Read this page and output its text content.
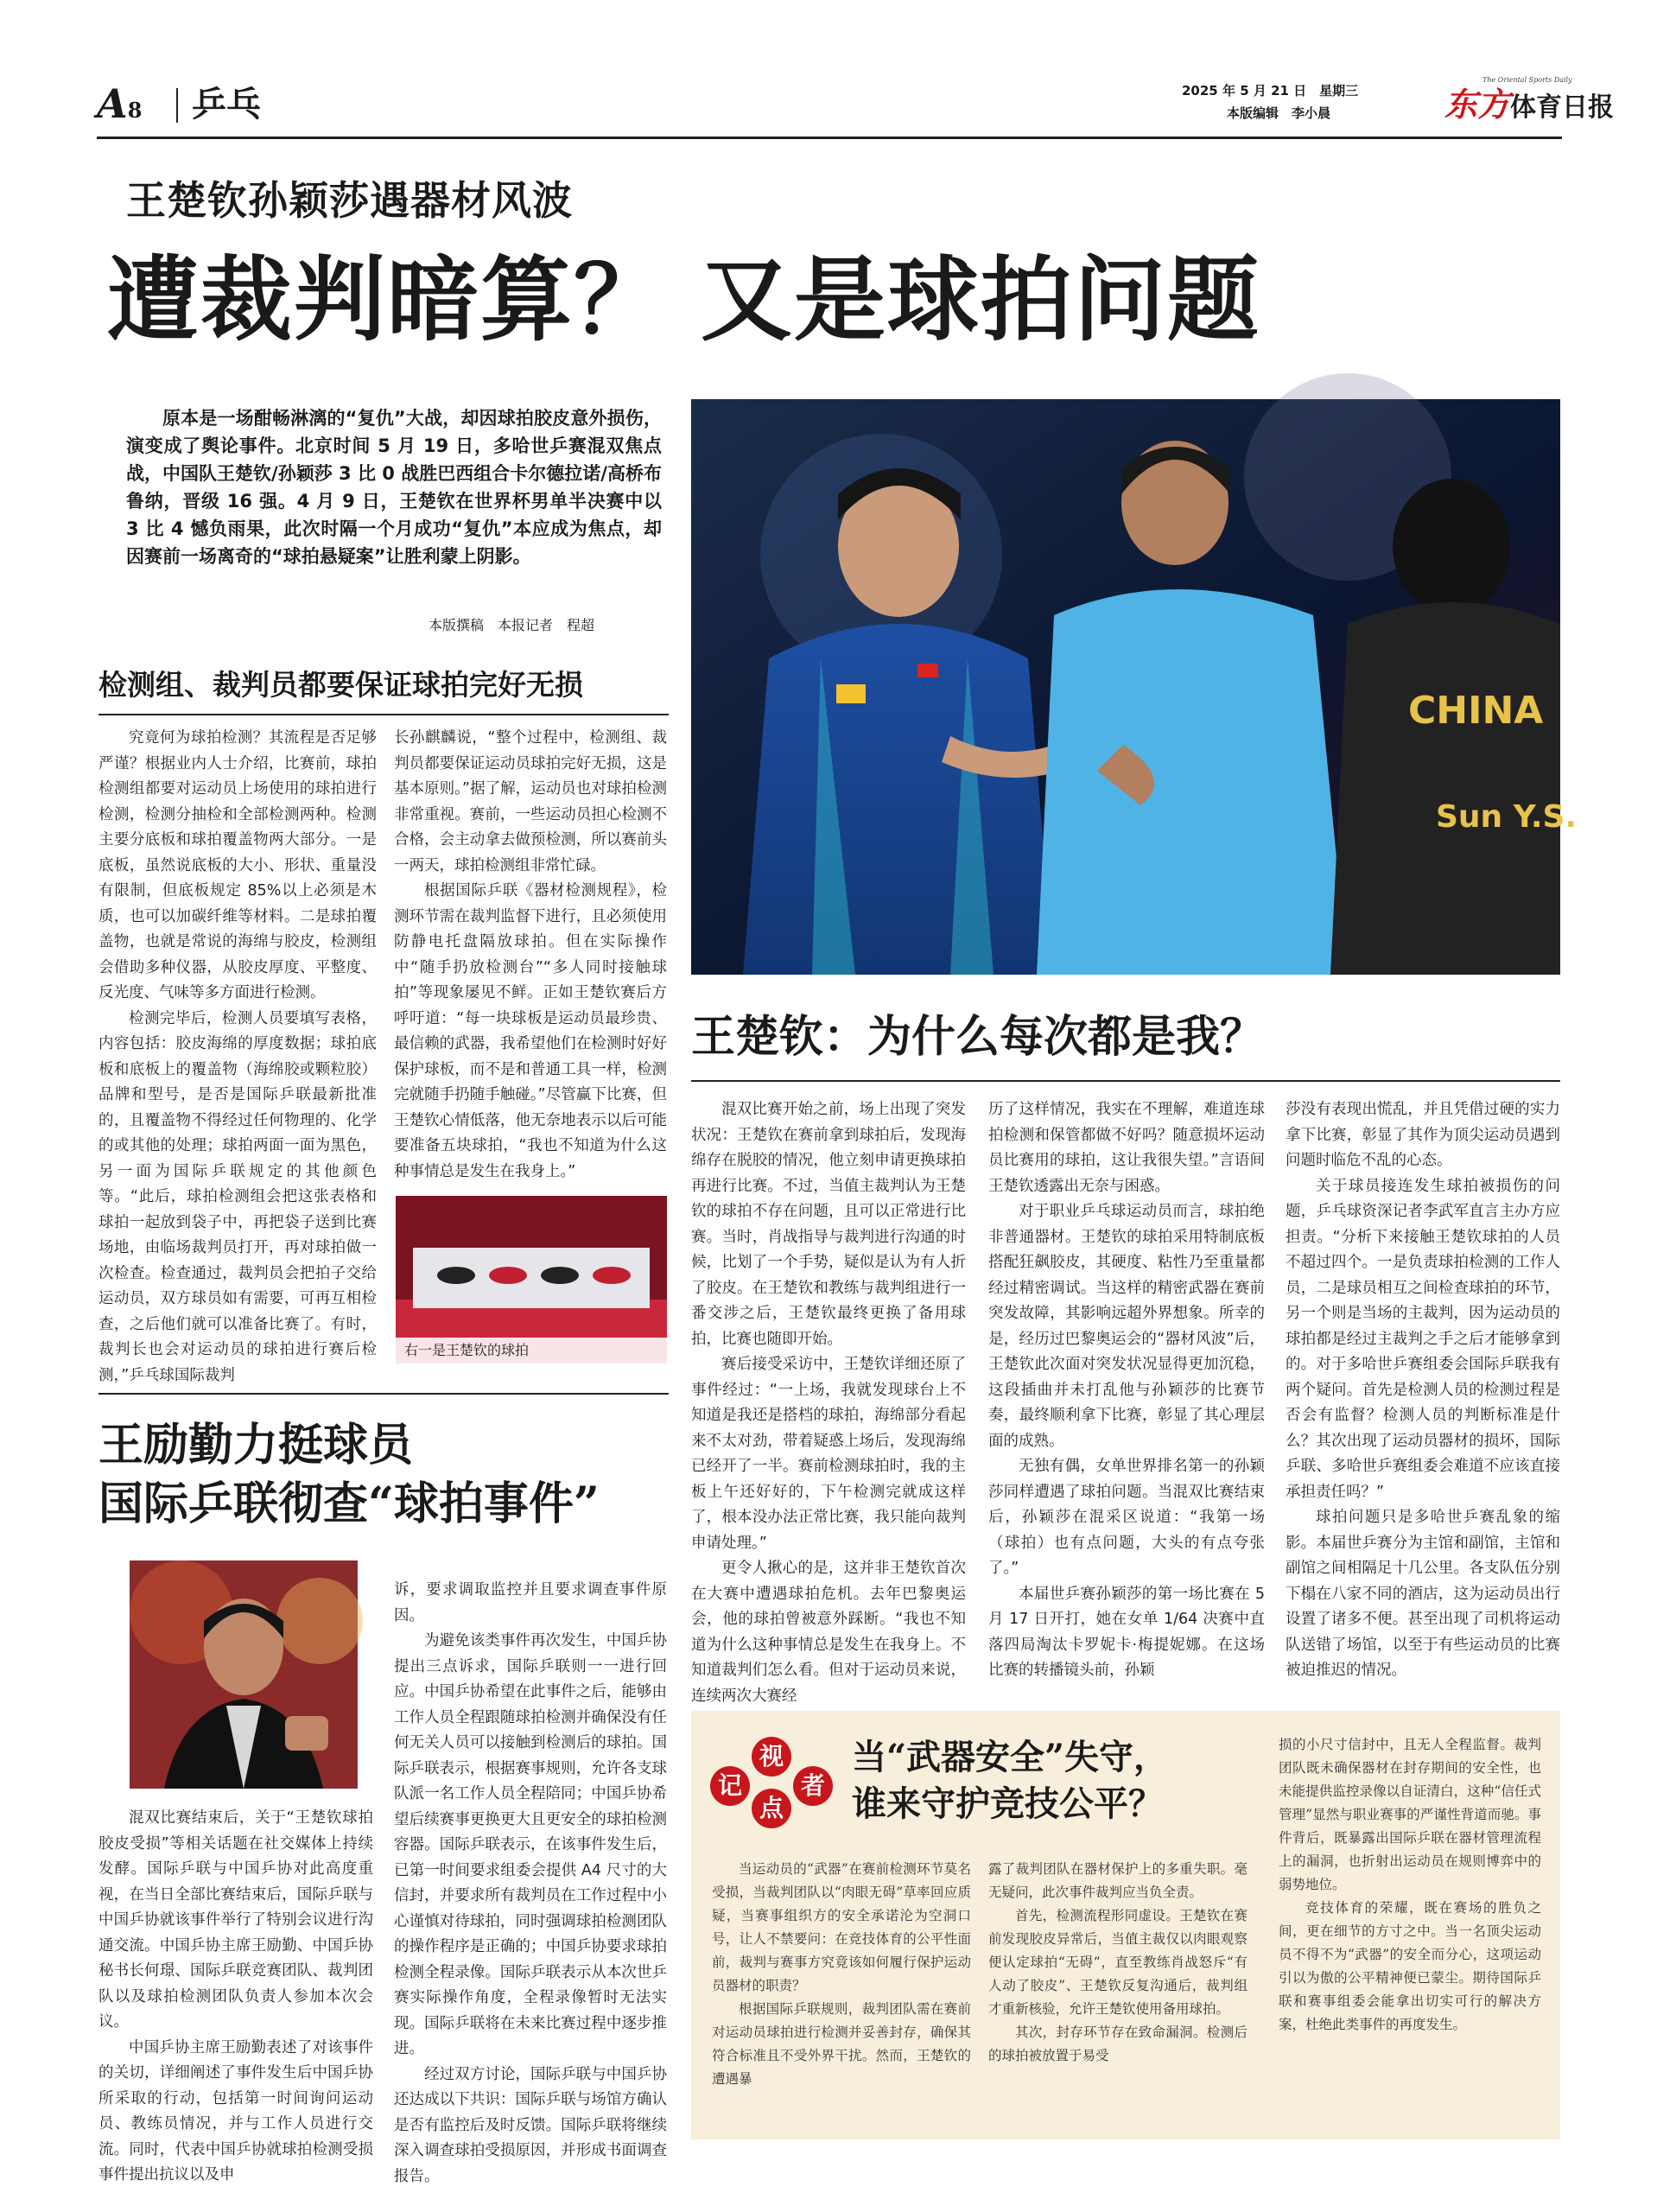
A8 乒乓	2025 年 5 月 21 日　星期三
本版编辑　李小晨
The Oriental Sports Daily
东方体育日报
王楚钦孙颖莎遇器材风波
遭裁判暗算？ 又是球拍问题
原本是一场酣畅淋漓的“复仇”大战，却因球拍胶皮意外损伤，演变成了舆论事件。北京时间 5 月 19 日，多哈世乒赛混双焦点战，中国队王楚钦/孙颖莎 3 比 0 战胜巴西组合卡尔德拉诺/高桥布鲁纳，晋级 16 强。4 月 9 日，王楚钦在世界杯男单半决赛中以 3 比 4 憾负雨果，此次时隔一个月成功“复仇”本应成为焦点，却因赛前一场离奇的“球拍悬疑案”让胜利蒙上阴影。
本版撰稿　本报记者　程超
CHINA
Sun Y.S.
检测组、裁判员都要保证球拍完好无损

究竟何为球拍检测？其流程是否足够严谨？根据业内人士介绍，比赛前，球拍检测组都要对运动员上场使用的球拍进行检测，检测分抽检和全部检测两种。检测主要分底板和球拍覆盖物两大部分。一是底板，虽然说底板的大小、形状、重量没有限制，但底板规定 85%以上必须是木质，也可以加碳纤维等材料。二是球拍覆盖物，也就是常说的海绵与胶皮，检测组会借助多种仪器，从胶皮厚度、平整度、反光度、气味等多方面进行检测。

检测完毕后，检测人员要填写表格，内容包括：胶皮海绵的厚度数据；球拍底板和底板上的覆盖物（海绵胶或颗粒胶）品牌和型号，是否是国际乒联最新批准的，且覆盖物不得经过任何物理的、化学的或其他的处理；球拍两面一面为黑色，另一面为国际乒联规定的其他颜色等。“此后，球拍检测组会把这张表格和球拍一起放到袋子中，再把袋子送到比赛场地，由临场裁判员打开，再对球拍做一次检查。检查通过，裁判员会把拍子交给运动员，双方球员如有需要，可再互相检查，之后他们就可以准备比赛了。有时，裁判长也会对运动员的球拍进行赛后检测，”乒乓球国际裁判

长孙麒麟说，“整个过程中，检测组、裁判员都要保证运动员球拍完好无损，这是基本原则。”据了解，运动员也对球拍检测非常重视。赛前，一些运动员担心检测不合格，会主动拿去做预检测，所以赛前头一两天，球拍检测组非常忙碌。

根据国际乒联《器材检测规程》，检测环节需在裁判监督下进行，且必须使用防静电托盘隔放球拍。但在实际操作中“随手扔放检测台”“多人同时接触球拍”等现象屡见不鲜。正如王楚钦赛后方呼吁道：“每一块球板是运动员最珍贵、最信赖的武器，我希望他们在检测时好好保护球板，而不是和普通工具一样，检测完就随手扔随手触碰。”尽管赢下比赛，但王楚钦心情低落，他无奈地表示以后可能要准备五块球拍，“我也不知道为什么这种事情总是发生在我身上。”

右一是王楚钦的球拍
王楚钦：为什么每次都是我？

混双比赛开始之前，场上出现了突发状况：王楚钦在赛前拿到球拍后，发现海绵存在脱胶的情况，他立刻申请更换球拍再进行比赛。不过，当值主裁判认为王楚钦的球拍不存在问题，且可以正常进行比赛。当时，肖战指导与裁判进行沟通的时候，比划了一个手势，疑似是认为有人折了胶皮。在王楚钦和教练与裁判组进行一番交涉之后，王楚钦最终更换了备用球拍，比赛也随即开始。

赛后接受采访中，王楚钦详细还原了事件经过：“一上场，我就发现球台上不知道是我还是搭档的球拍，海绵部分看起来不太对劲，带着疑惑上场后，发现海绵已经开了一半。赛前检测球拍时，我的主板上午还好好的，下午检测完就成这样了，根本没办法正常比赛，我只能向裁判申请处理。”

更令人揪心的是，这并非王楚钦首次在大赛中遭遇球拍危机。去年巴黎奥运会，他的球拍曾被意外踩断。“我也不知道为什么这种事情总是发生在我身上。不知道裁判们怎么看。但对于运动员来说，连续两次大赛经

历了这样情况，我实在不理解，难道连球拍检测和保管都做不好吗？随意损坏运动员比赛用的球拍，这让我很失望。”言语间王楚钦透露出无奈与困惑。

对于职业乒乓球运动员而言，球拍绝非普通器材。王楚钦的球拍采用特制底板搭配狂飙胶皮，其硬度、粘性乃至重量都经过精密调试。当这样的精密武器在赛前突发故障，其影响远超外界想象。所幸的是，经历过巴黎奥运会的“器材风波”后，王楚钦此次面对突发状况显得更加沉稳，这段插曲并未打乱他与孙颖莎的比赛节奏，最终顺利拿下比赛，彰显了其心理层面的成熟。

无独有偶，女单世界排名第一的孙颖莎同样遭遇了球拍问题。当混双比赛结束后，孙颖莎在混采区说道：“我第一场（球拍）也有点问题，大头的有点夸张了。”

本届世乒赛孙颖莎的第一场比赛在 5 月 17 日开打，她在女单 1/64 决赛中直落四局淘汰卡罗妮卡·梅提妮娜。在这场比赛的转播镜头前，孙颖

莎没有表现出慌乱，并且凭借过硬的实力拿下比赛，彰显了其作为顶尖运动员遇到问题时临危不乱的心态。

关于球员接连发生球拍被损伤的问题，乒乓球资深记者李武军直言主办方应担责。“分析下来接触王楚钦球拍的人员不超过四个。一是负责球拍检测的工作人员，二是球员相互之间检查球拍的环节，另一个则是当场的主裁判，因为运动员的球拍都是经过主裁判之手之后才能够拿到的。对于多哈世乒赛组委会国际乒联我有两个疑问。首先是检测人员的检测过程是否会有监督？检测人员的判断标准是什么？其次出现了运动员器材的损坏，国际乒联、多哈世乒赛组委会难道不应该直接承担责任吗？”

球拍问题只是多哈世乒赛乱象的缩影。本届世乒赛分为主馆和副馆，主馆和副馆之间相隔足十几公里。各支队伍分别下榻在八家不同的酒店，这为运动员出行设置了诸多不便。甚至出现了司机将运动队送错了场馆，以至于有些运动员的比赛被迫推迟的情况。

王励勤力挺球员
国际乒联彻查“球拍事件”

混双比赛结束后，关于“王楚钦球拍胶皮受损”等相关话题在社交媒体上持续发酵。国际乒联与中国乒协对此高度重视，在当日全部比赛结束后，国际乒联与中国乒协就该事件举行了特别会议进行沟通交流。中国乒协主席王励勤、中国乒协秘书长何璟、国际乒联竞赛团队、裁判团队以及球拍检测团队负责人参加本次会议。

中国乒协主席王励勤表述了对该事件的关切，详细阐述了事件发生后中国乒协所采取的行动，包括第一时间询问运动员、教练员情况，并与工作人员进行交流。同时，代表中国乒协就球拍检测受损事件提出抗议以及申

诉，要求调取监控并且要求调查事件原因。

为避免该类事件再次发生，中国乒协提出三点诉求，国际乒联则一一进行回应。中国乒协希望在此事件之后，能够由工作人员全程跟随球拍检测并确保没有任何无关人员可以接触到检测后的球拍。国际乒联表示，根据赛事规则，允许各支球队派一名工作人员全程陪同；中国乒协希望后续赛事更换更大且更安全的球拍检测容器。国际乒联表示，在该事件发生后，已第一时间要求组委会提供 A4 尺寸的大信封，并要求所有裁判员在工作过程中小心谨慎对待球拍，同时强调球拍检测团队的操作程序是正确的；中国乒协要求球拍检测全程录像。国际乒联表示从本次世乒赛实际操作角度，全程录像暂时无法实现。国际乒联将在未来比赛过程中逐步推进。

经过双方讨论，国际乒联与中国乒协还达成以下共识：国际乒联与场馆方确认是否有监控后及时反馈。国际乒联将继续深入调查球拍受损原因，并形成书面调查报告。

视
记	者
点
当“武器安全”失守，
谁来守护竞技公平？

当运动员的“武器”在赛前检测环节莫名受损，当裁判团队以“肉眼无碍”草率回应质疑，当赛事组织方的安全承诺沦为空洞口号，让人不禁要问：在竞技体育的公平性面前，裁判与赛事方究竟该如何履行保护运动员器材的职责？

根据国际乒联规则，裁判团队需在赛前对运动员球拍进行检测并妥善封存，确保其符合标准且不受外界干扰。然而，王楚钦的遭遇暴

露了裁判团队在器材保护上的多重失职。毫无疑问，此次事件裁判应当负全责。

首先，检测流程形同虚设。王楚钦在赛前发现胶皮异常后，当值主裁仅以肉眼观察便认定球拍“无碍”，直至教练肖战怒斥“有人动了胶皮”、王楚钦反复沟通后，裁判组才重新核验，允许王楚钦使用备用球拍。

其次，封存环节存在致命漏洞。检测后的球拍被放置于易受

损的小尺寸信封中，且无人全程监督。裁判团队既未确保器材在封存期间的安全性，也未能提供监控录像以自证清白，这种“信任式管理”显然与职业赛事的严谨性背道而驰。事件背后，既暴露出国际乒联在器材管理流程上的漏洞，也折射出运动员在规则博弈中的弱势地位。

竞技体育的荣耀，既在赛场的胜负之间，更在细节的方寸之中。当一名顶尖运动员不得不为“武器”的安全而分心，这项运动引以为傲的公平精神便已蒙尘。期待国际乒联和赛事组委会能拿出切实可行的解决方案，杜绝此类事件的再度发生。
